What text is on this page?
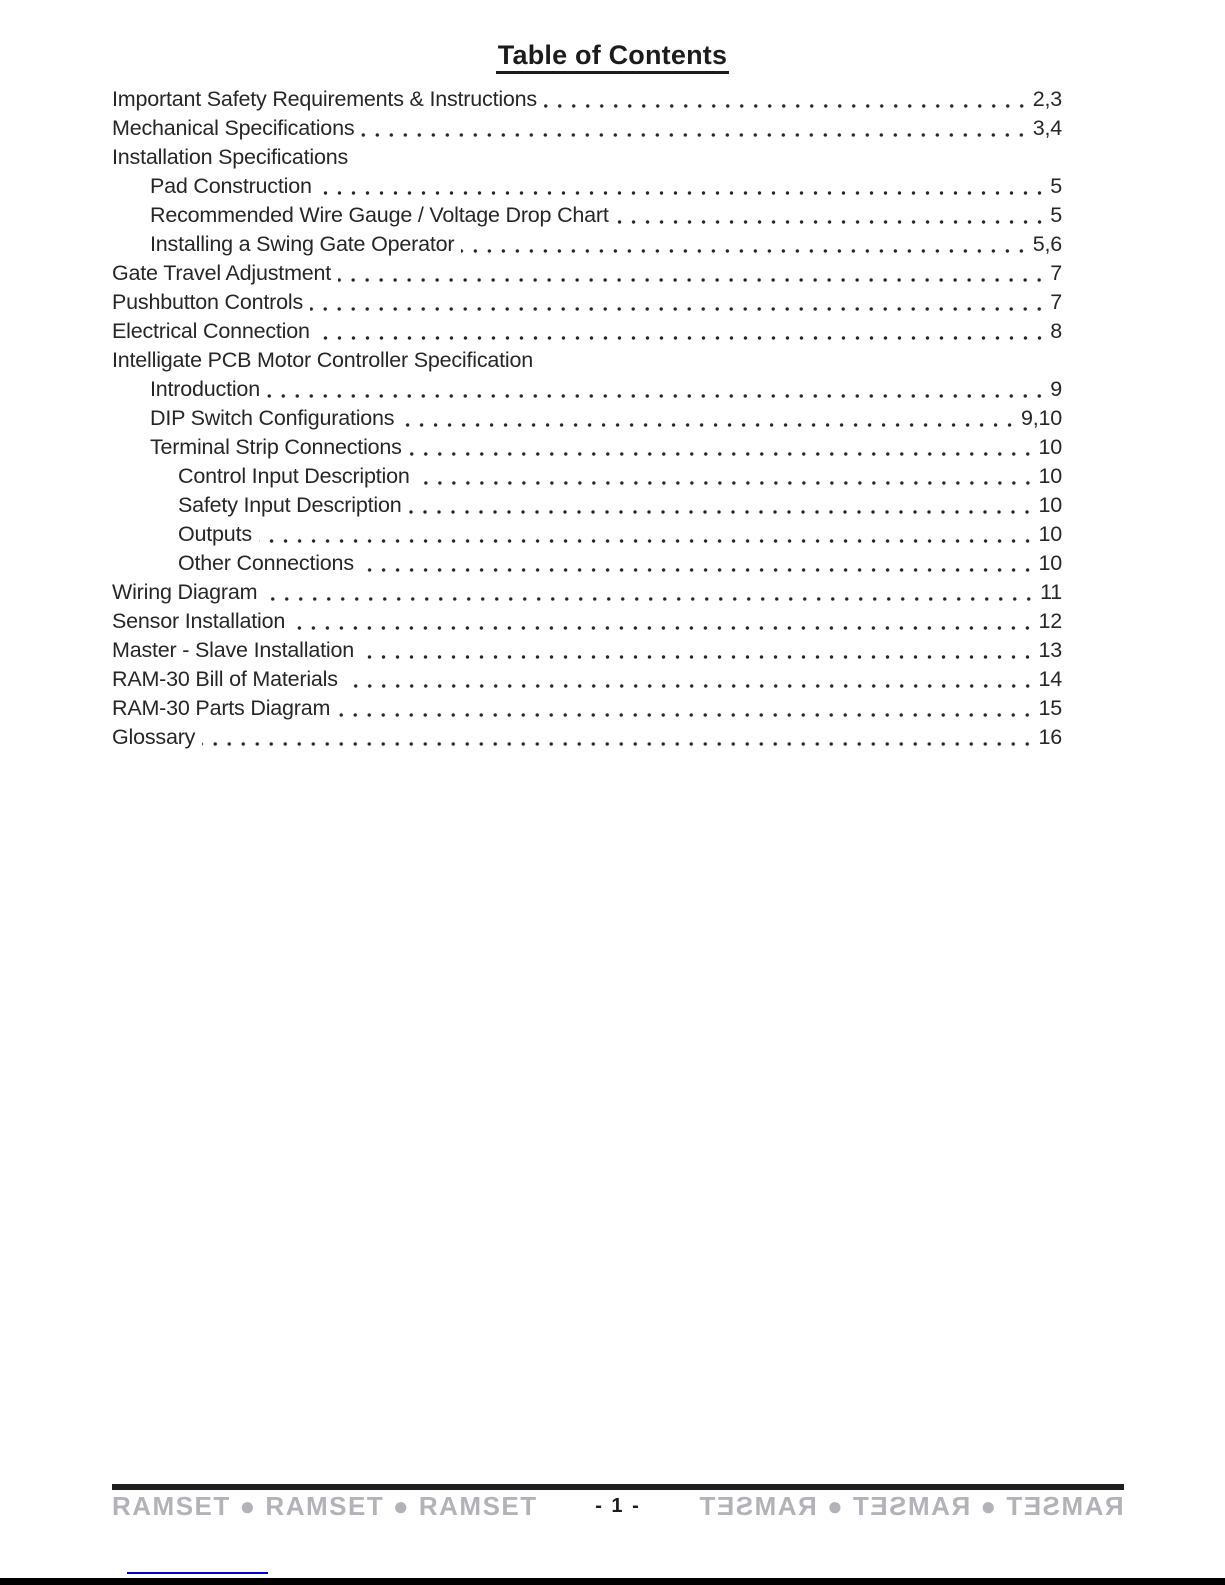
Table of Contents
Important Safety Requirements & Instructions	2,3
Mechanical Specifications	3,4
Installation Specifications
Pad Construction	5
Recommended Wire Gauge / Voltage Drop Chart	5
Installing a Swing Gate Operator	5,6
Gate Travel Adjustment	7
Pushbutton Controls	7
Electrical Connection	8
Intelligate PCB Motor Controller Specification
Introduction	9
DIP Switch Configurations	9,10
Terminal Strip Connections	10
Control Input Description	10
Safety Input Description	10
Outputs	10
Other Connections	10
Wiring Diagram	11
Sensor Installation	12
Master - Slave Installation	13
RAM-30 Bill of Materials	14
RAM-30 Parts Diagram	15
Glossary	16
RAMSET ● RAMSET ● RAMSET	- 1 - RAMSET ● RAMSET ● RAMSET
